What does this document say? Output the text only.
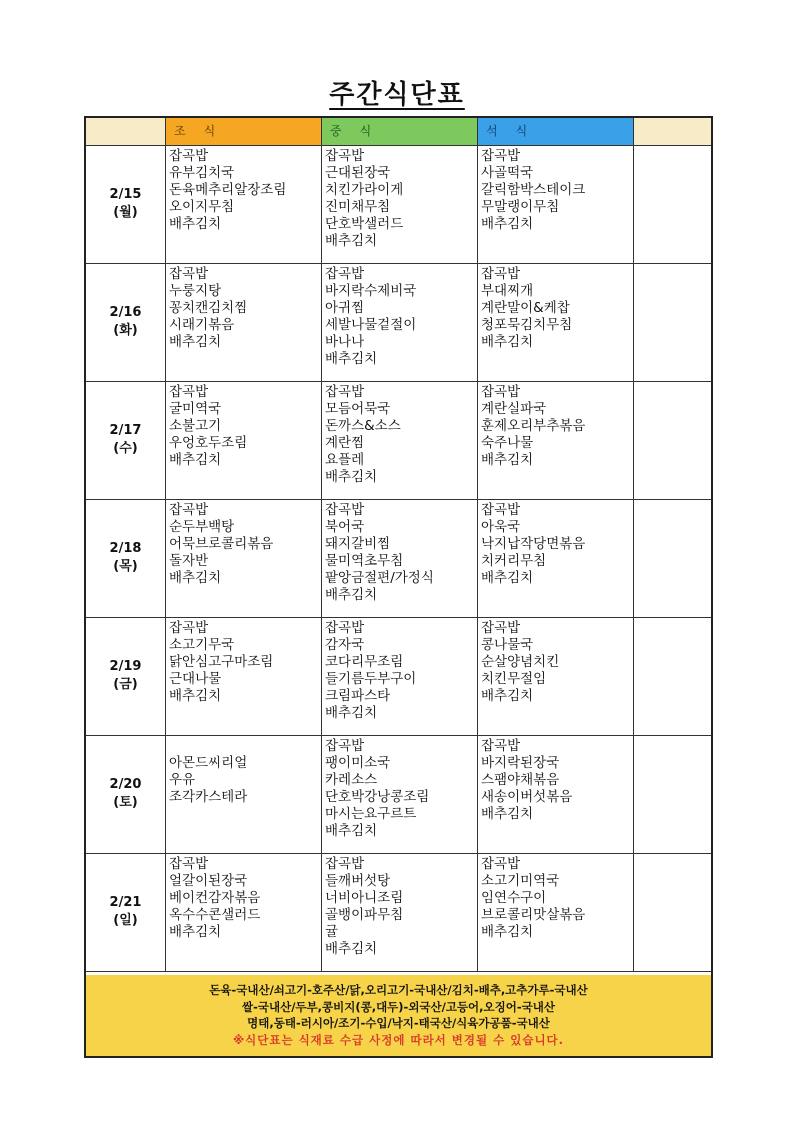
주간식단표
조식	중식	석식
2/15
(월)
잡곡밥
유부김치국
돈육메추리알장조림
오이지무침
배추김치
잡곡밥
근대된장국
치킨가라이게
진미채무침
단호박샐러드
배추김치
잡곡밥
사골떡국
갈릭함박스테이크
무말랭이무침
배추김치
2/16
(화)
잡곡밥
누룽지탕
꽁치캔김치찜
시래기볶음
배추김치
잡곡밥
바지락수제비국
아귀찜
세발나물겉절이
바나나
배추김치
잡곡밥
부대찌개
계란말이&케찹
청포묵김치무침
배추김치
2/17
(수)
잡곡밥
굴미역국
소불고기
우엉호두조림
배추김치
잡곡밥
모듬어묵국
돈까스&소스
계란찜
요플레
배추김치
잡곡밥
계란실파국
훈제오리부추볶음
숙주나물
배추김치
2/18
(목)
잡곡밥
순두부백탕
어묵브로콜리볶음
돌자반
배추김치
잡곡밥
북어국
돼지갈비찜
물미역초무침
팥앙금절편/가정식
배추김치
잡곡밥
아욱국
낙지납작당면볶음
치커리무침
배추김치
2/19
(금)
잡곡밥
소고기무국
닭안심고구마조림
근대나물
배추김치
잡곡밥
감자국
코다리무조림
들기름두부구이
크림파스타
배추김치
잡곡밥
콩나물국
순살양념치킨
치킨무절임
배추김치
2/20
(토)
아몬드씨리얼
우유
조각카스테라
잡곡밥
팽이미소국
카레소스
단호박강낭콩조림
마시는요구르트
배추김치
잡곡밥
바지락된장국
스팸야채볶음
새송이버섯볶음
배추김치
2/21
(일)
잡곡밥
얼갈이된장국
베이컨감자볶음
옥수수콘샐러드
배추김치
잡곡밥
들깨버섯탕
너비아니조림
골뱅이파무침
귤
배추김치
잡곡밥
소고기미역국
임연수구이
브로콜리맛살볶음
배추김치
돈육-국내산/쇠고기-호주산/닭,오리고기-국내산/김치-배추,고추가루-국내산
쌀-국내산/두부,콩비지(콩,대두)-외국산/고등어,오징어-국내산
명태,동태-러시아/조기-수입/낙지-태국산/식육가공품-국내산
※식단표는 식재료 수급 사정에 따라서 변경될 수 있습니다.
